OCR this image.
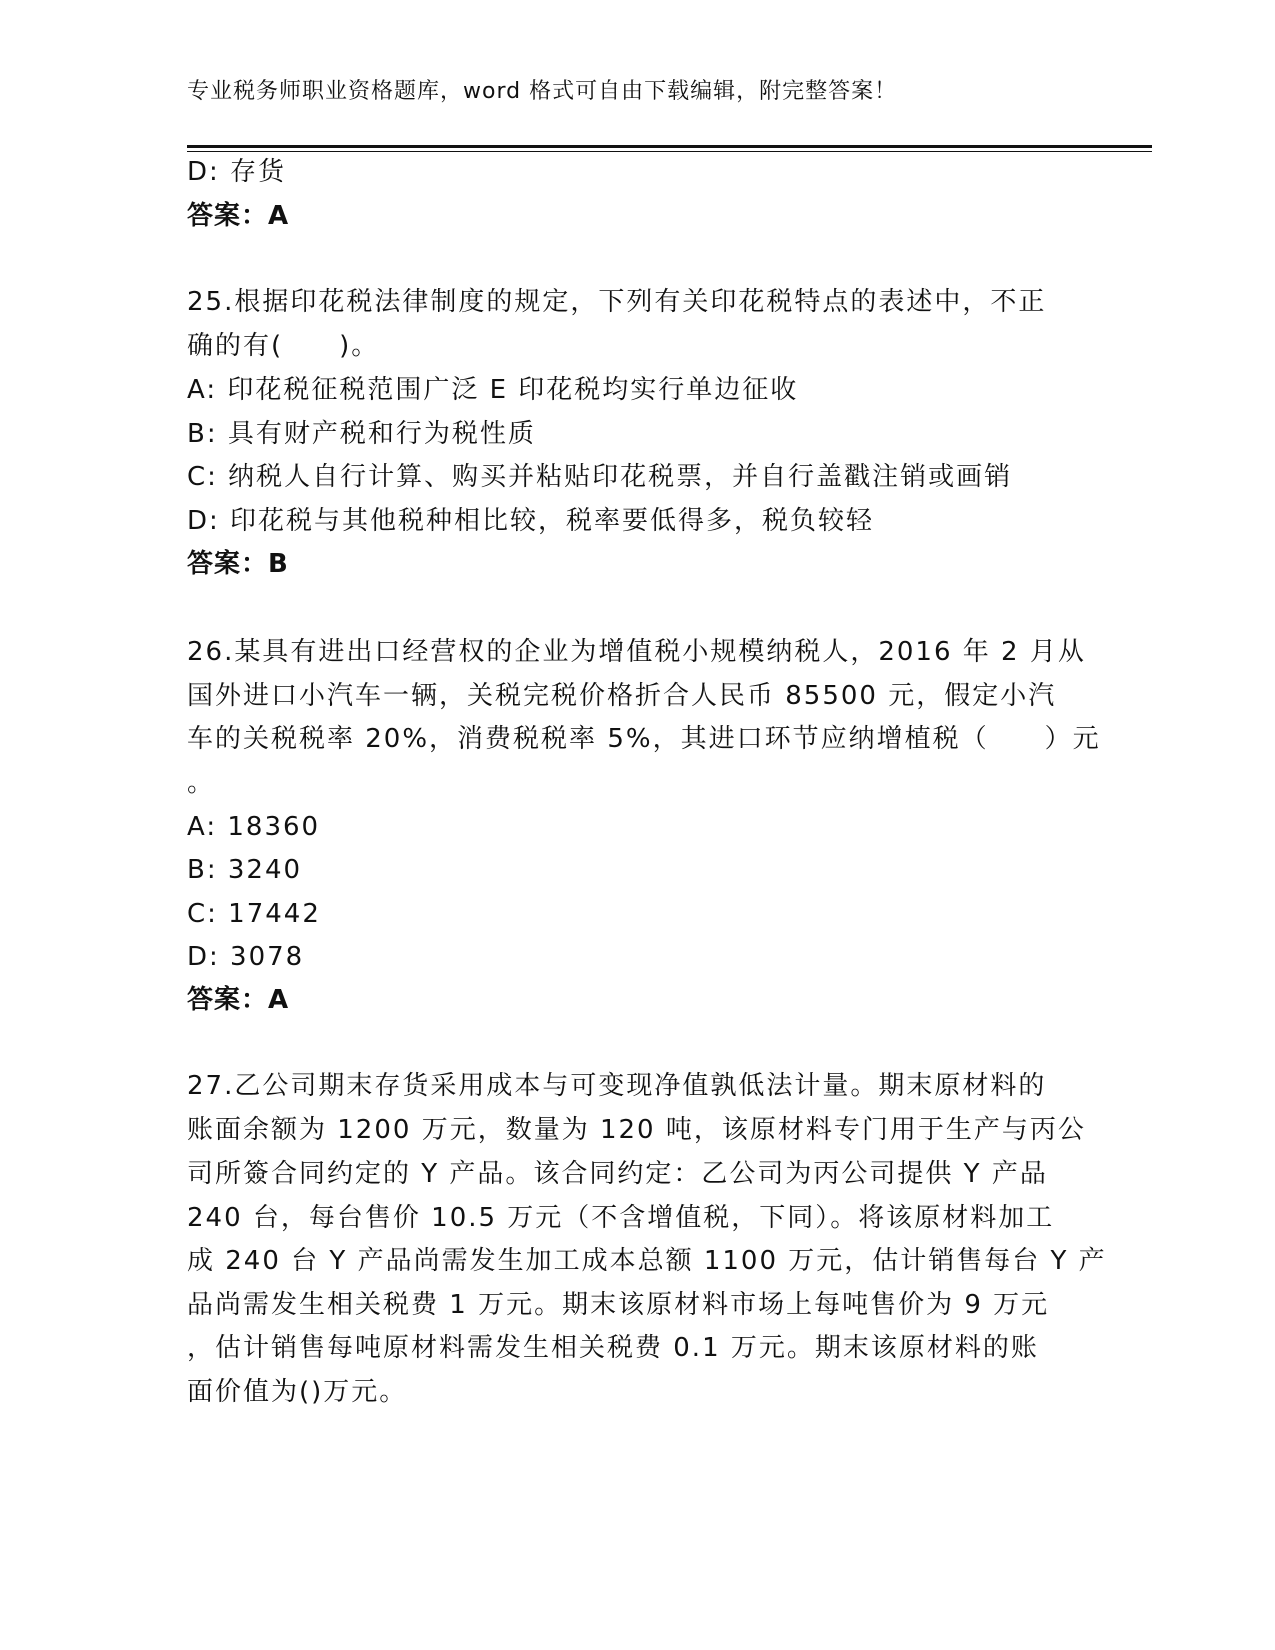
专业税务师职业资格题库，word 格式可自由下载编辑，附完整答案！
D: 存货
答案：A
25.根据印花税法律制度的规定，下列有关印花税特点的表述中，不正
确的有(　　)。
A: 印花税征税范围广泛 E 印花税均实行单边征收
B: 具有财产税和行为税性质
C: 纳税人自行计算、购买并粘贴印花税票，并自行盖戳注销或画销
D: 印花税与其他税种相比较，税率要低得多，税负较轻
答案：B
26.某具有进出口经营权的企业为增值税小规模纳税人，2016 年 2 月从
国外进口小汽车一辆，关税完税价格折合人民币 85500 元，假定小汽
车的关税税率 20%，消费税税率 5%，其进口环节应纳增植税（　　）元
。
A: 18360
B: 3240
C: 17442
D: 3078
答案：A
27.乙公司期末存货采用成本与可变现净值孰低法计量。期末原材料的
账面余额为 1200 万元，数量为 120 吨，该原材料专门用于生产与丙公
司所簽合同约定的 Y 产品。该合同约定：乙公司为丙公司提供 Y 产品
240 台，每台售价 10.5 万元（不含增值税，下同）。将该原材料加工
成 240 台 Y 产品尚需发生加工成本总额 1100 万元，估计销售每台 Y 产
品尚需发生相关税费 1 万元。期末该原材料市场上每吨售价为 9 万元
，估计销售每吨原材料需发生相关税费 0.1 万元。期末该原材料的账
面价值为()万元。
